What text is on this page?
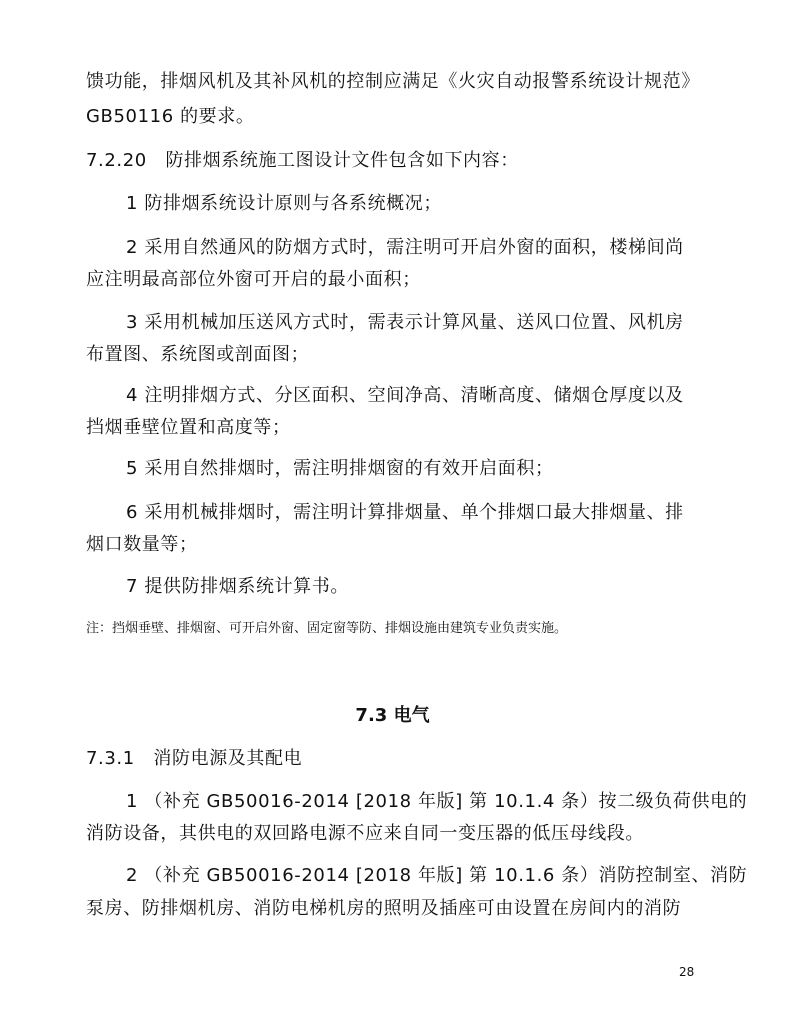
馈功能，排烟风机及其补风机的控制应满足《火灾自动报警系统设计规范》
GB50116 的要求。
7.2.20　防排烟系统施工图设计文件包含如下内容：
1 防排烟系统设计原则与各系统概况；
2 采用自然通风的防烟方式时，需注明可开启外窗的面积，楼梯间尚
应注明最高部位外窗可开启的最小面积；
3 采用机械加压送风方式时，需表示计算风量、送风口位置、风机房
布置图、系统图或剖面图；
4 注明排烟方式、分区面积、空间净高、清晰高度、储烟仓厚度以及
挡烟垂壁位置和高度等；
5 采用自然排烟时，需注明排烟窗的有效开启面积；
6 采用机械排烟时，需注明计算排烟量、单个排烟口最大排烟量、排
烟口数量等；
7 提供防排烟系统计算书。
注：挡烟垂壁、排烟窗、可开启外窗、固定窗等防、排烟设施由建筑专业负责实施。
7.3 电气
7.3.1　消防电源及其配电
1 （补充 GB50016-2014 [2018 年版] 第 10.1.4 条）按二级负荷供电的
消防设备，其供电的双回路电源不应来自同一变压器的低压母线段。
2 （补充 GB50016-2014 [2018 年版] 第 10.1.6 条）消防控制室、消防
泵房、防排烟机房、消防电梯机房的照明及插座可由设置在房间内的消防
28
